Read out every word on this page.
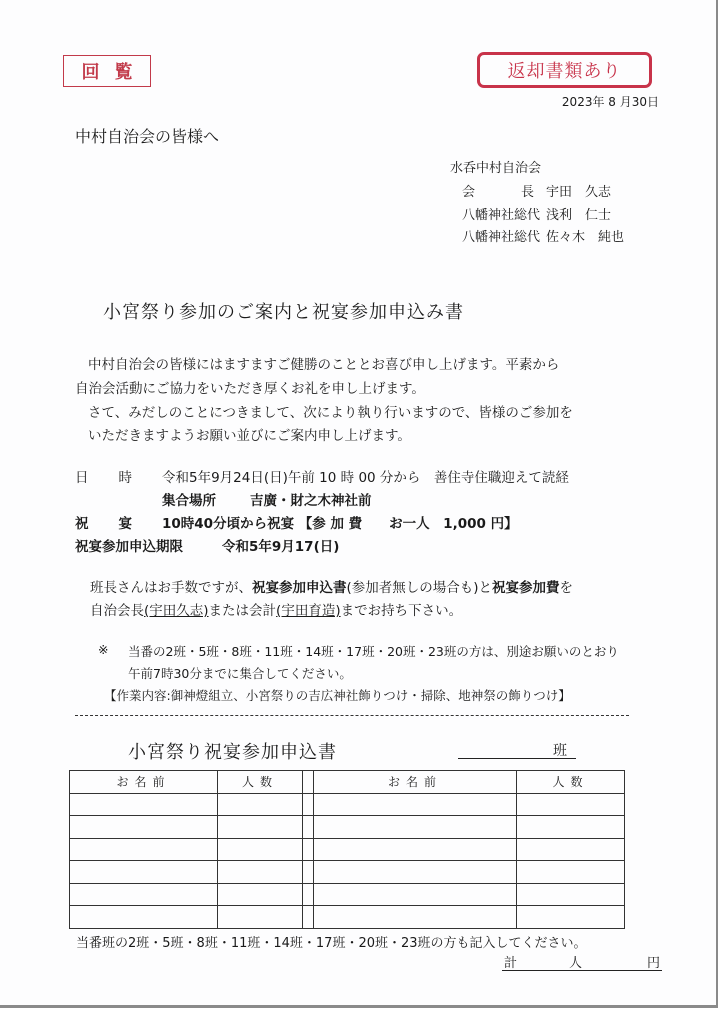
回 覧	返却書類あり
2023年 8 月30日
中村自治会の皆様へ
水呑中村自治会
会長 宇田　久志
八幡神社総代 浅利　仁士
八幡神社総代 佐々木　純也
小宮祭り参加のご案内と祝宴参加申込み書
中村自治会の皆様にはますますご健勝のこととお喜び申し上げます。平素から
自治会活動にご協力をいただき厚くお礼を申し上げます。
さて、みだしのことにつきまして、次により執り行いますので、皆様のご参加を
いただきますようお願い並びにご案内申し上げます。
日 時 令和5年9月24日(日)午前 10 時 00 分から　善住寺住職迎えて読経
集合場所	吉廣・財之木神社前
祝 宴 10時40分頃から祝宴 【参 加 費　　お一人　1,000 円】
祝宴参加申込期限	令和5年9月17(日)
班長さんはお手数ですが、祝宴参加申込書(参加者無しの場合も)と祝宴参加費を
自治会長(宇田久志)または会計(宇田育造)までお持ち下さい。
※ 当番の2班・5班・8班・11班・14班・17班・20班・23班の方は、別途お願いのとおり
午前7時30分までに集合してください。
【作業内容:御神燈組立、小宮祭りの吉広神社飾りつけ・掃除、地神祭の飾りつけ】
小宮祭り祝宴参加申込書	班
お名前	人数		お名前	人数

当番班の2班・5班・8班・11班・14班・17班・20班・23班の方も記入してください。
計	人	円
